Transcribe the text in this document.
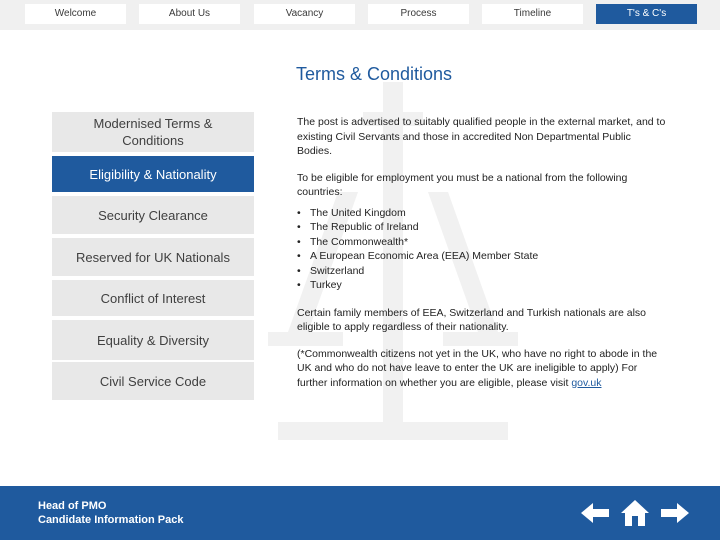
Welcome	About Us	Vacancy	Process	Timeline	T's & C's
Terms & Conditions
Modernised Terms & Conditions
Eligibility & Nationality
Security Clearance
Reserved for UK Nationals
Conflict of Interest
Equality & Diversity
Civil Service Code

The post is advertised to suitably qualified people in the external market, and to existing Civil Servants and those in accredited Non Departmental Public Bodies.

To be eligible for employment you must be a national from the following countries:

• The United Kingdom
• The Republic of Ireland
• The Commonwealth*
• A European Economic Area (EEA) Member State
• Switzerland
• Turkey

Certain family members of EEA, Switzerland and Turkish nationals are also eligible to apply regardless of their nationality.

(*Commonwealth citizens not yet in the UK, who have no right to abode in the UK and who do not have leave to enter the UK are ineligible to apply) For further information on whether you are eligible, please visit gov.uk

Head of PMO
Candidate Information Pack
